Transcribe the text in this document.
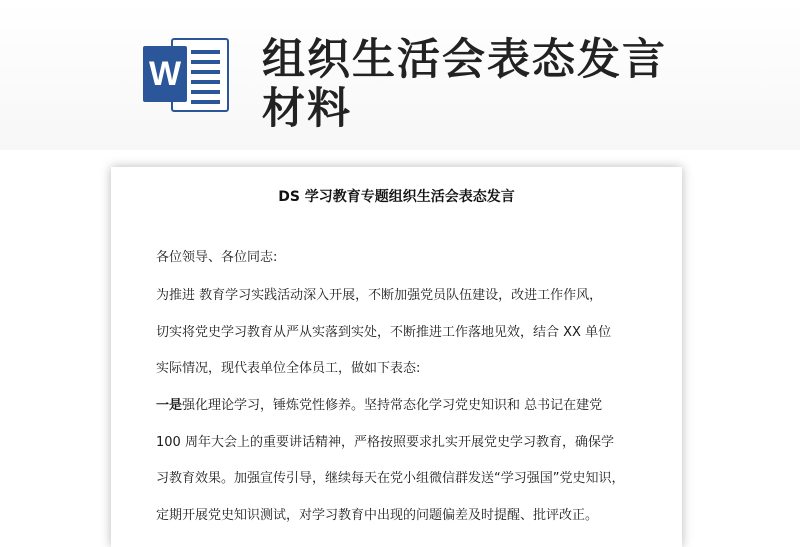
W 组织生活会表态发言材料
DS 学习教育专题组织生活会表态发言
各位领导、各位同志:
为推进 教育学习实践活动深入开展，不断加强党员队伍建设，改进工作作风，
切实将党史学习教育从严从实落到实处，不断推进工作落地见效，结合 XX 单位
实际情况，现代表单位全体员工，做如下表态:
一是强化理论学习，锤炼党性修养。坚持常态化学习党史知识和 总书记在建党
100 周年大会上的重要讲话精神，严格按照要求扎实开展党史学习教育，确保学
习教育效果。加强宣传引导，继续每天在党小组微信群发送“学习强国”党史知识，
定期开展党史知识测试，对学习教育中出现的问题偏差及时提醒、批评改正。
